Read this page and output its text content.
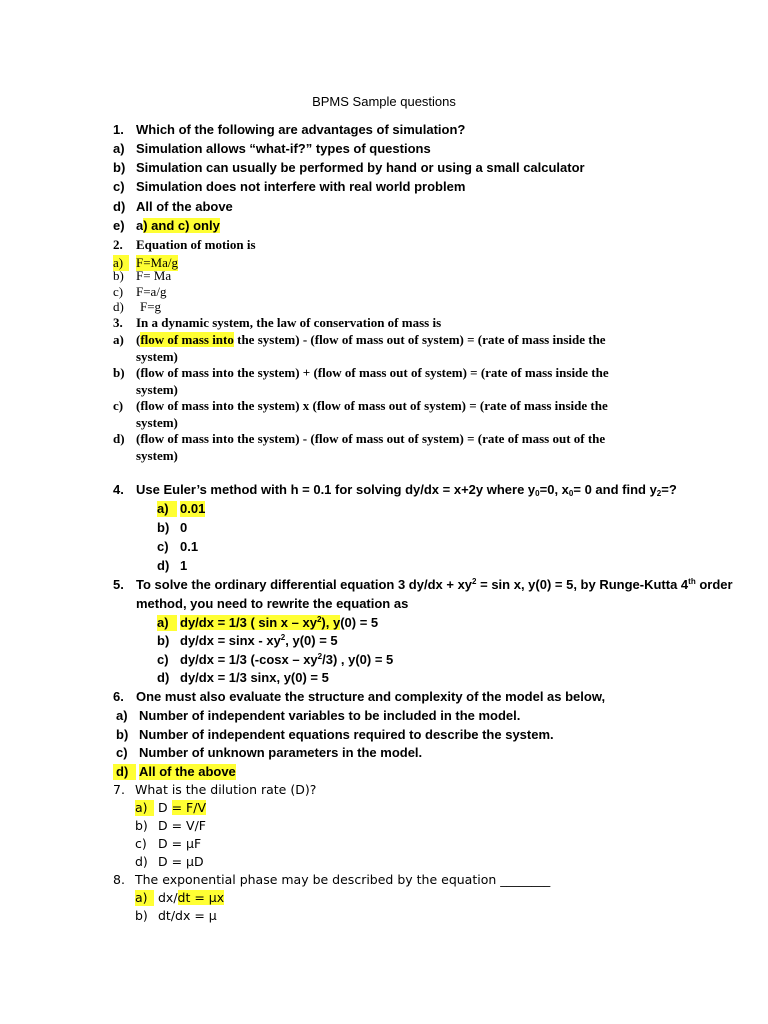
BPMS Sample questions
1. Which of the following are advantages of simulation?
a) Simulation allows “what-if?” types of questions
b) Simulation can usually be performed by hand or using a small calculator
c) Simulation does not interfere with real world problem
d) All of the above
e) a) and c) only
2. Equation of motion is
a) F=Ma/g
b) F= Ma
c) F=a/g
d) F=g
3. In a dynamic system, the law of conservation of mass is
a) (flow of mass into the system) - (flow of mass out of system) = (rate of mass inside the
system)
b) (flow of mass into the system) + (flow of mass out of system) = (rate of mass inside the
system)
c) (flow of mass into the system) x (flow of mass out of system) = (rate of mass inside the
system)
d) (flow of mass into the system) - (flow of mass out of system) = (rate of mass out of the
system)
4. Use Euler’s method with h = 0.1 for solving dy/dx = x+2y where $y_0=0$, $x_0= 0$ and find $y_2=$?
a) 0.01
b) 0
c) 0.1
d) 1
5. To solve the ordinary differential equation 3 $dy/dx + xy^2 = \sin x$, y(0) = 5, by Runge-Kutta 4th order
method, you need to rewrite the equation as
a) dy/dx = 1/3 ( sin x – $xy^2$), y(0) = 5
b) $dy/dx = \sin x - xy^2$, y(0) = 5
c) dy/dx = 1/3 $(-\cos x - xy^2/3)$ , y(0) = 5
d) dy/dx = 1/3 sinx, y(0) = 5
6. One must also evaluate the structure and complexity of the model as below,
a) Number of independent variables to be included in the model.
b) Number of independent equations required to describe the system.
c) Number of unknown parameters in the model.
d) All of the above
7. What is the dilution rate (D)?
a) D = F/V
b) D = V/F
c) D = μF
d) D = μD
8. The exponential phase may be described by the equation ________
a) dx/dt = μx
b) dt/dx = μ
